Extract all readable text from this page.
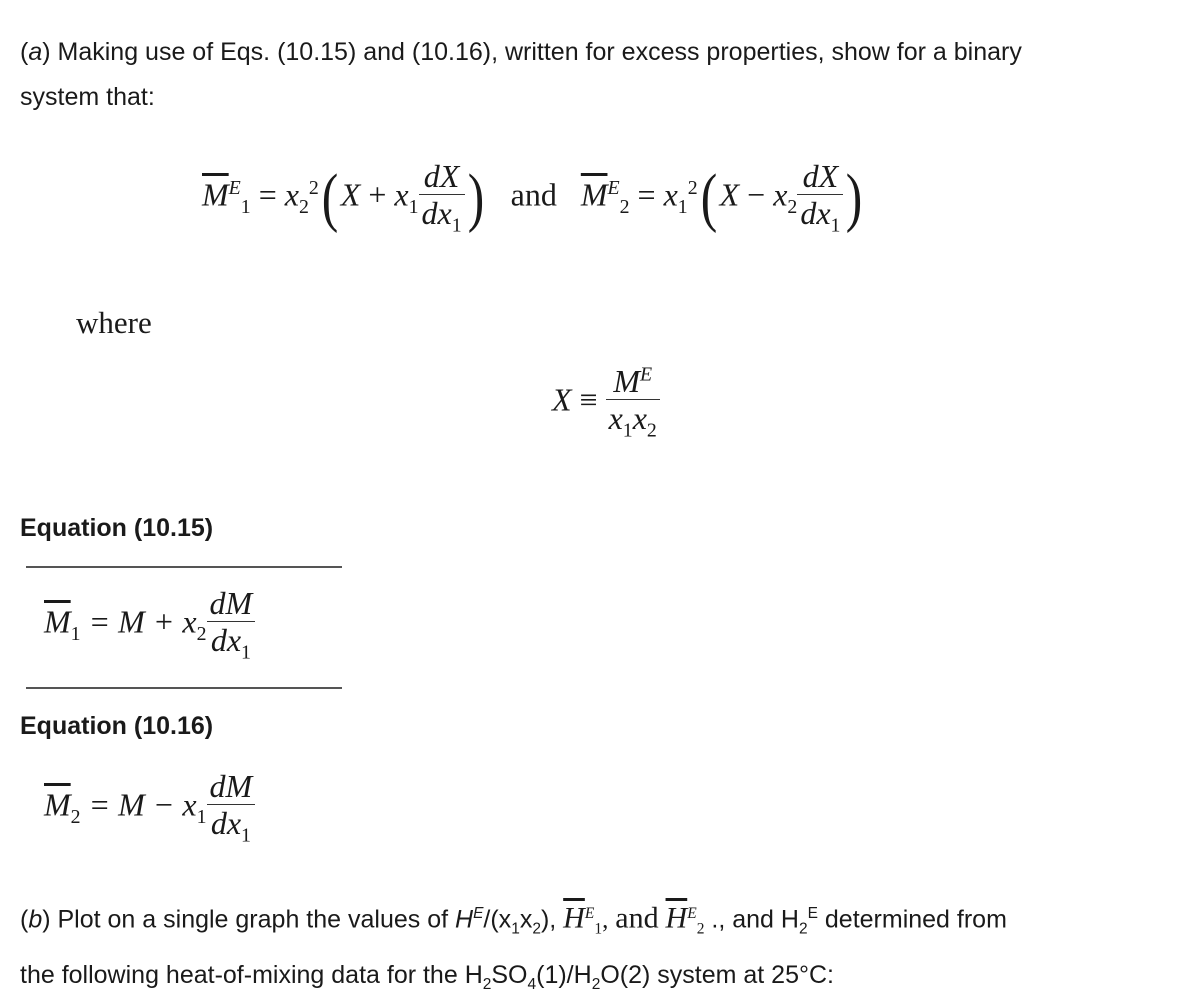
(a) Making use of Eqs. (10.15) and (10.16), written for excess properties, show for a binary
system that:
$\overline{M}^E_1 = x_2^2(X + x_1 \frac{dX}{dx_1}$ ) and $\overline{M}^E_2 = x_1^2(X - x_2 \frac{dX}{dx_1}$ )
where
$X \equiv \frac{M^E}{x_1x_2}$
Equation (10.15)
$\overline{M}_1 = M + x_2 \frac{dM}{dx_1}$
Equation (10.16)
$\overline{M}_2 = M - x_1 \frac{dM}{dx_1}$
(b) Plot on a single graph the values of $H^E/(x_1x_2)$, $\overline{H}^E_1$, and $\overline{H}^E_2$ ., and $H_2^E$ determined from
the following heat-of-mixing data for the $H_2SO_4(1)/H_2O(2)$ system at 25°C:
